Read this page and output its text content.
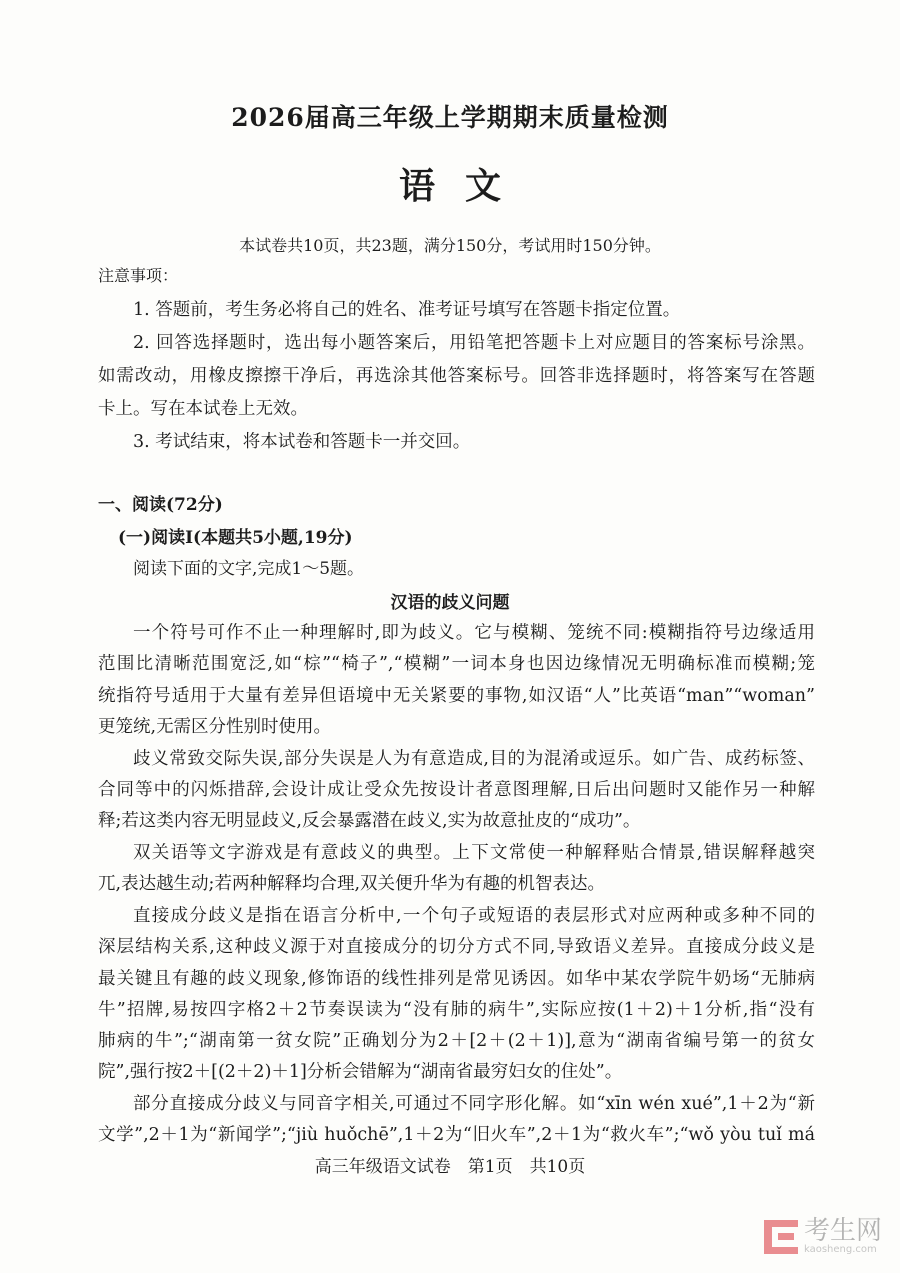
2026届高三年级上学期期末质量检测
语文
本试卷共10页，共23题，满分150分，考试用时150分钟。
注意事项：
1. 答题前，考生务必将自己的姓名、准考证号填写在答题卡指定位置。
2. 回答选择题时，选出每小题答案后，用铅笔把答题卡上对应题目的答案标号涂黑。
如需改动，用橡皮擦擦干净后，再选涂其他答案标号。回答非选择题时，将答案写在答题
卡上。写在本试卷上无效。
3. 考试结束，将本试卷和答题卡一并交回。
一、阅读(72分)
(一)阅读Ⅰ(本题共5小题,19分)
阅读下面的文字,完成1～5题。
汉语的歧义问题
一个符号可作不止一种理解时,即为歧义。它与模糊、笼统不同:模糊指符号边缘适用
范围比清晰范围宽泛,如“棕”“椅子”,“模糊”一词本身也因边缘情况无明确标准而模糊;笼
统指符号适用于大量有差异但语境中无关紧要的事物,如汉语“人”比英语“man”“woman”
更笼统,无需区分性别时使用。
歧义常致交际失误,部分失误是人为有意造成,目的为混淆或逗乐。如广告、成药标签、
合同等中的闪烁措辞,会设计成让受众先按设计者意图理解,日后出问题时又能作另一种解
释;若这类内容无明显歧义,反会暴露潜在歧义,实为故意扯皮的“成功”。
双关语等文字游戏是有意歧义的典型。上下文常使一种解释贴合情景,错误解释越突
兀,表达越生动;若两种解释均合理,双关便升华为有趣的机智表达。
直接成分歧义是指在语言分析中,一个句子或短语的表层形式对应两种或多种不同的
深层结构关系,这种歧义源于对直接成分的切分方式不同,导致语义差异。直接成分歧义是
最关键且有趣的歧义现象,修饰语的线性排列是常见诱因。如华中某农学院牛奶场“无肺病
牛”招牌,易按四字格2＋2节奏误读为“没有肺的病牛”,实际应按(1＋2)＋1分析,指“没有
肺病的牛”;“湖南第一贫女院”正确划分为2＋[2＋(2＋1)],意为“湖南省编号第一的贫女
院”,强行按2＋[(2＋2)＋1]分析会错解为“湖南省最穷妇女的住处”。
部分直接成分歧义与同音字相关,可通过不同字形化解。如“xīn wén xué”,1＋2为“新
文学”,2＋1为“新闻学”;“jiù huǒchē”,1＋2为“旧火车”,2＋1为“救火车”;“wǒ yòu tuǐ má
高三年级语文试卷　第1页　共10页
考生网
kaosheng.com
